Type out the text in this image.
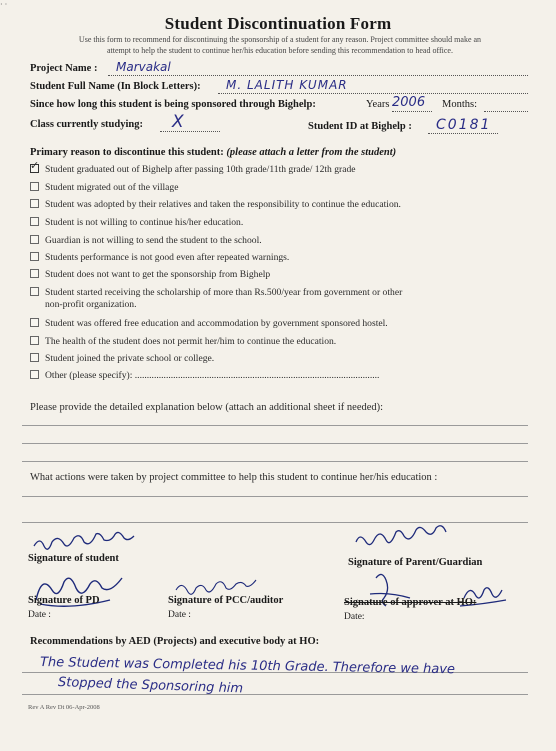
· ·
Student Discontinuation Form
Use this form to recommend for discontinuing the sponsorship of a student for any reason. Project committee should make an
attempt to help the student to continue her/his education before sending this recommendation to head office.
Project Name : Marvakal
Student Full Name (In Block Letters): M. LALITH KUMAR
Since how long this student is being sponsored through Bighelp:	Years 2006 Months:
Class currently studying: X	Student ID at Bighelp : C0181
Primary reason to discontinue this student: (please attach a letter from the student)
✓Student graduated out of Bighelp after passing 10th grade/11th grade/ 12th grade
Student migrated out of the village
Student was adopted by their relatives and taken the responsibility to continue the education.
Student is not willing to continue his/her education.
Guardian is not willing to send the student to the school.
Students performance is not good even after repeated warnings.
Student does not want to get the sponsorship from Bighelp
Student started receiving the scholarship of more than Rs.500/year from government or other
non-profit organization.
Student was offered free education and accommodation by government sponsored hostel.
The health of the student does not permit her/him to continue the education.
Student joined the private school or college.
Other (please specify): ......................................................................................................
Please provide the detailed explanation below (attach an additional sheet if needed):
What actions were taken by project committee to help this student to continue her/his education :
Signature of student	Signature of Parent/Guardian
Signature of PD
Date :
Signature of PCC/auditor
Date :
Signature of approver at HO:
Date:
Recommendations by AED (Projects) and executive body at HO:
The Student was Completed his 10th Grade. Therefore we have
Stopped the Sponsoring him
Rev A Rev Dt 06-Apr-2008
